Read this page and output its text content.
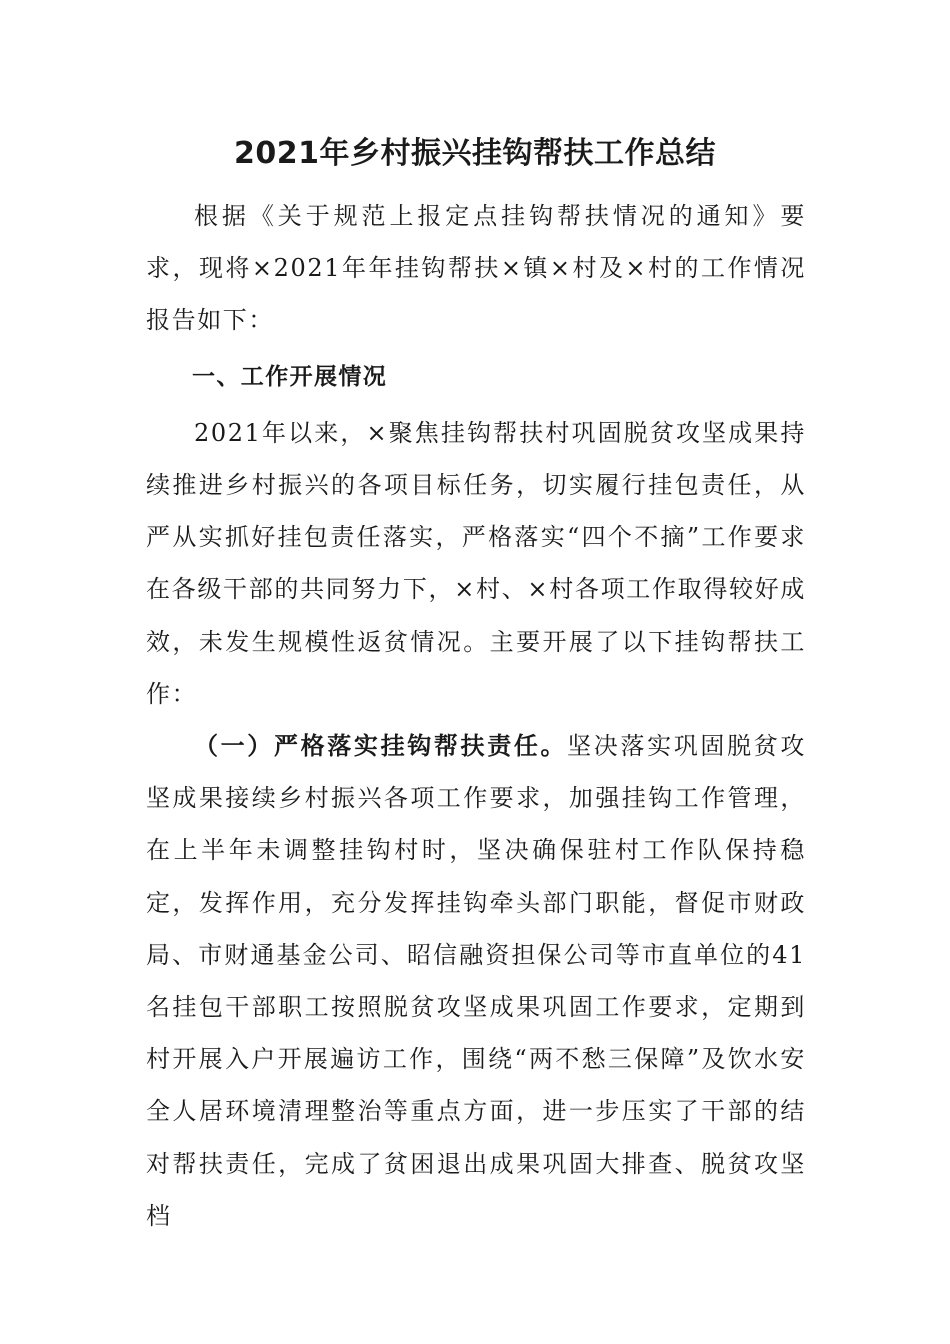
2021年乡村振兴挂钩帮扶工作总结

根据《关于规范上报定点挂钩帮扶情况的通知》要求，现将×2021年年挂钩帮扶×镇×村及×村的工作情况报告如下：

一、工作开展情况

2021年以来，×聚焦挂钩帮扶村巩固脱贫攻坚成果持续推进乡村振兴的各项目标任务，切实履行挂包责任，从严从实抓好挂包责任落实，严格落实“四个不摘”工作要求在各级干部的共同努力下，×村、×村各项工作取得较好成效，未发生规模性返贫情况。主要开展了以下挂钩帮扶工作：

（一）严格落实挂钩帮扶责任。坚决落实巩固脱贫攻坚成果接续乡村振兴各项工作要求，加强挂钩工作管理，在上半年未调整挂钩村时，坚决确保驻村工作队保持稳定，发挥作用，充分发挥挂钩牵头部门职能，督促市财政局、市财通基金公司、昭信融资担保公司等市直单位的41名挂包干部职工按照脱贫攻坚成果巩固工作要求，定期到村开展入户开展遍访工作，围绕“两不愁三保障”及饮水安全人居环境清理整治等重点方面，进一步压实了干部的结对帮扶责任，完成了贫困退出成果巩固大排查、脱贫攻坚档
